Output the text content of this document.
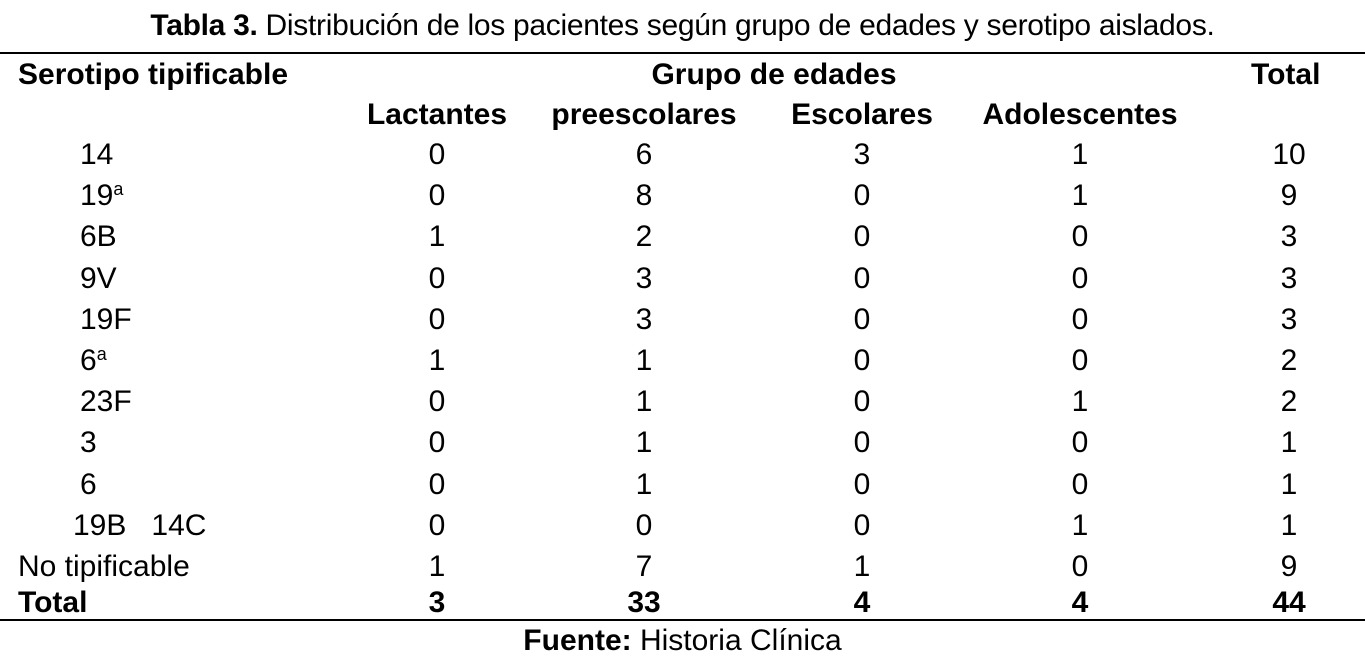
Tabla 3. Distribución de los pacientes según grupo de edades y serotipo aislados.
Serotipo tipificable	Grupo de edades	Total
Lactantes preescolares Escolares Adolescentes
14	0	6	3	1	10
19$^a$	0	8	0	1	9
6B	1	2	0	0	3
9V	0	3	0	0	3
19F	0	3	0	0	3
6$^a$	1	1	0	0	2
23F	0	1	0	1	2
3	0	1	0	0	1
6	0	1	0	0	1
19B   14C	0	0	0	1	1
No tipificable	1	7	1	0	9
Total	3	33	4	4	44
Fuente: Historia Clínica
